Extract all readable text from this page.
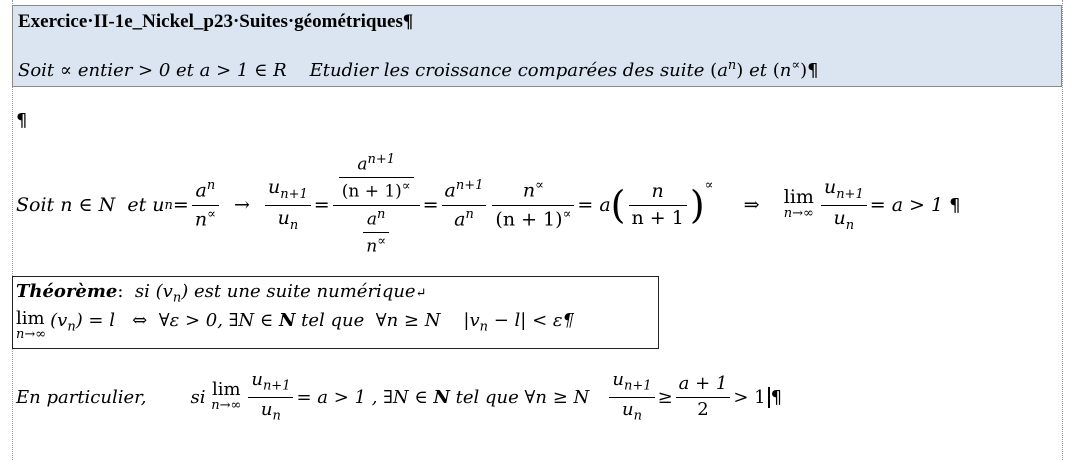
Exercice·II-1e_Nickel_p23·Suites·géométriques¶
Soit ∝ entier > 0 et a > 1 ∈ R Etudier les croissance comparées des suite $(a^n)$ et (n∝)¶
¶
Soit
n ∈ N
et
u $n = \frac{a^n}{n^\propto}$
→
$\frac{u_{n+1}}{u_n} = \frac{\frac{a^{n+1}}{(n + 1)^\propto}}{\frac{a^n}{n^\propto}} = \frac{a^{n+1}}{a^n} \frac{n^\propto}{(n + 1)^\propto}$ =
a ( $\frac{n}{n + 1} )^\propto$

⇒
lim
$n\to\infty \frac{u_{n+1}}{u_n} = a > 1$
¶
Théorème: si $(v_n)$ est une suite numérique↵
lim
n→∞
$(v_n) = l$ ⇔ ∀ε > 0, ∃N ∈ N tel que ∀n ≥ N $|v_n - l|$ < ε¶
En particulier, si
lim
$n\to\infty \frac{u_{n+1}}{u_n} = a > 1$ , ∃N ∈
N
tel que ∀n ≥ N
$\frac{u_{n+1}}{u_n} \ge \frac{a + 1}{2} > 1$ ¶
